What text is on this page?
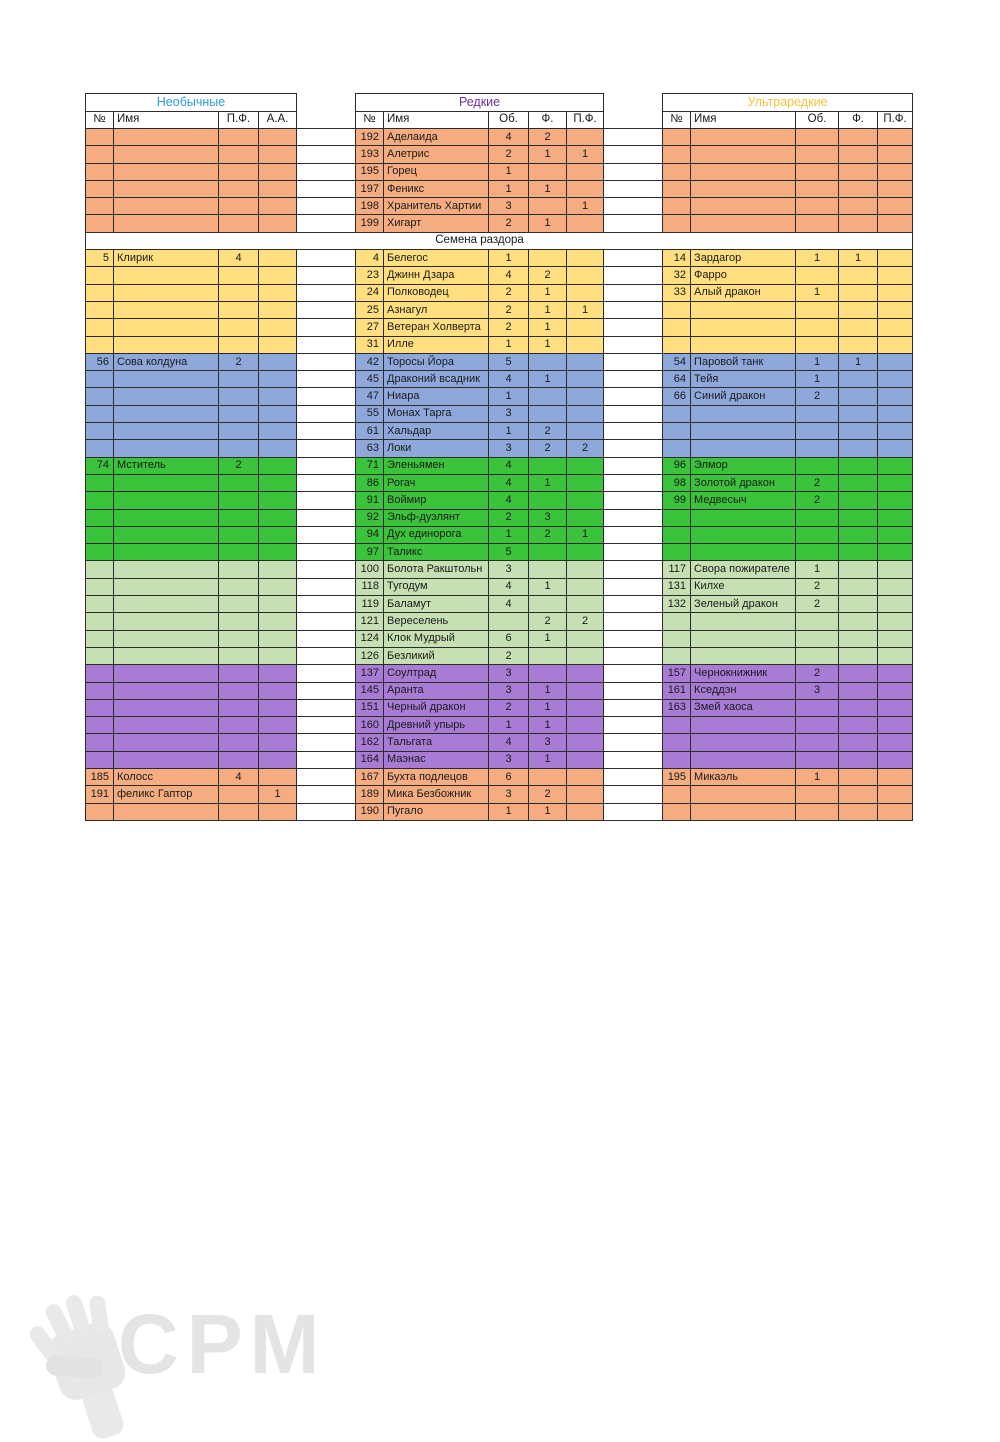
Необычные					Редкие						Ультраредкие				
№	Имя	П.Ф.	А.А.		№	Имя	Об.	Ф.	П.Ф.		№	Имя	Об.	Ф.	П.Ф.
					192	Аделаида	4	2							
					193	Алетрис	2	1	1						
					195	Горец	1								
					197	Феникс	1	1							
					198	Хранитель Хартии	3		1						
					199	Хигарт	2	1							
					Семена раздора										
5	Клирик	4			4	Белегос	1				14	Зардагор	1	1	
					23	Джинн Дзара	4	2			32	Фарро			
					24	Полководец	2	1			33	Алый дракон	1		
					25	Азнагул	2	1	1						
					27	Ветеран Холверта	2	1							
					31	Илле	1	1							
56	Сова колдуна	2			42	Торосы Йора	5				54	Паровой танк	1	1	
					45	Драконий всадник	4	1			64	Тейя	1		
					47	Ниара	1				66	Синий дракон	2		
					55	Монах Тарга	3								
					61	Хальдар	1	2							
					63	Локи	3	2	2						
74	Мститель	2			71	Эленьямен	4				96	Элмор			
					86	Рогач	4	1			98	Золотой дракон	2		
					91	Воймир	4				99	Медвесыч	2		
					92	Эльф-дуэлянт	2	3							
					94	Дух единорога	1	2	1						
					97	Таликс	5								
					100	Болота Ракштольн	3				117	Свора пожирателе	1		
					118	Тугодум	4	1			131	Килхе	2		
					119	Баламут	4				132	Зеленый дракон	2		
					121	Вереселень		2	2						
					124	Клок Мудрый	6	1							
					126	Безликий	2								
					137	Соултрад	3				157	Чернокнижник	2		
					145	Аранта	3	1			161	Кседдэн	3		
					151	Черный дракон	2	1			163	Змей хаоса			
					160	Древний упырь	1	1							
					162	Тальгата	4	3							
					164	Маэнас	3	1							
185	Колосс	4			167	Бухта подлецов	6				195	Микаэль	1		
191	феликс Гаптор		1		189	Мика Безбожник	3	2							
					190	Пугало	1	1							
СРМ
